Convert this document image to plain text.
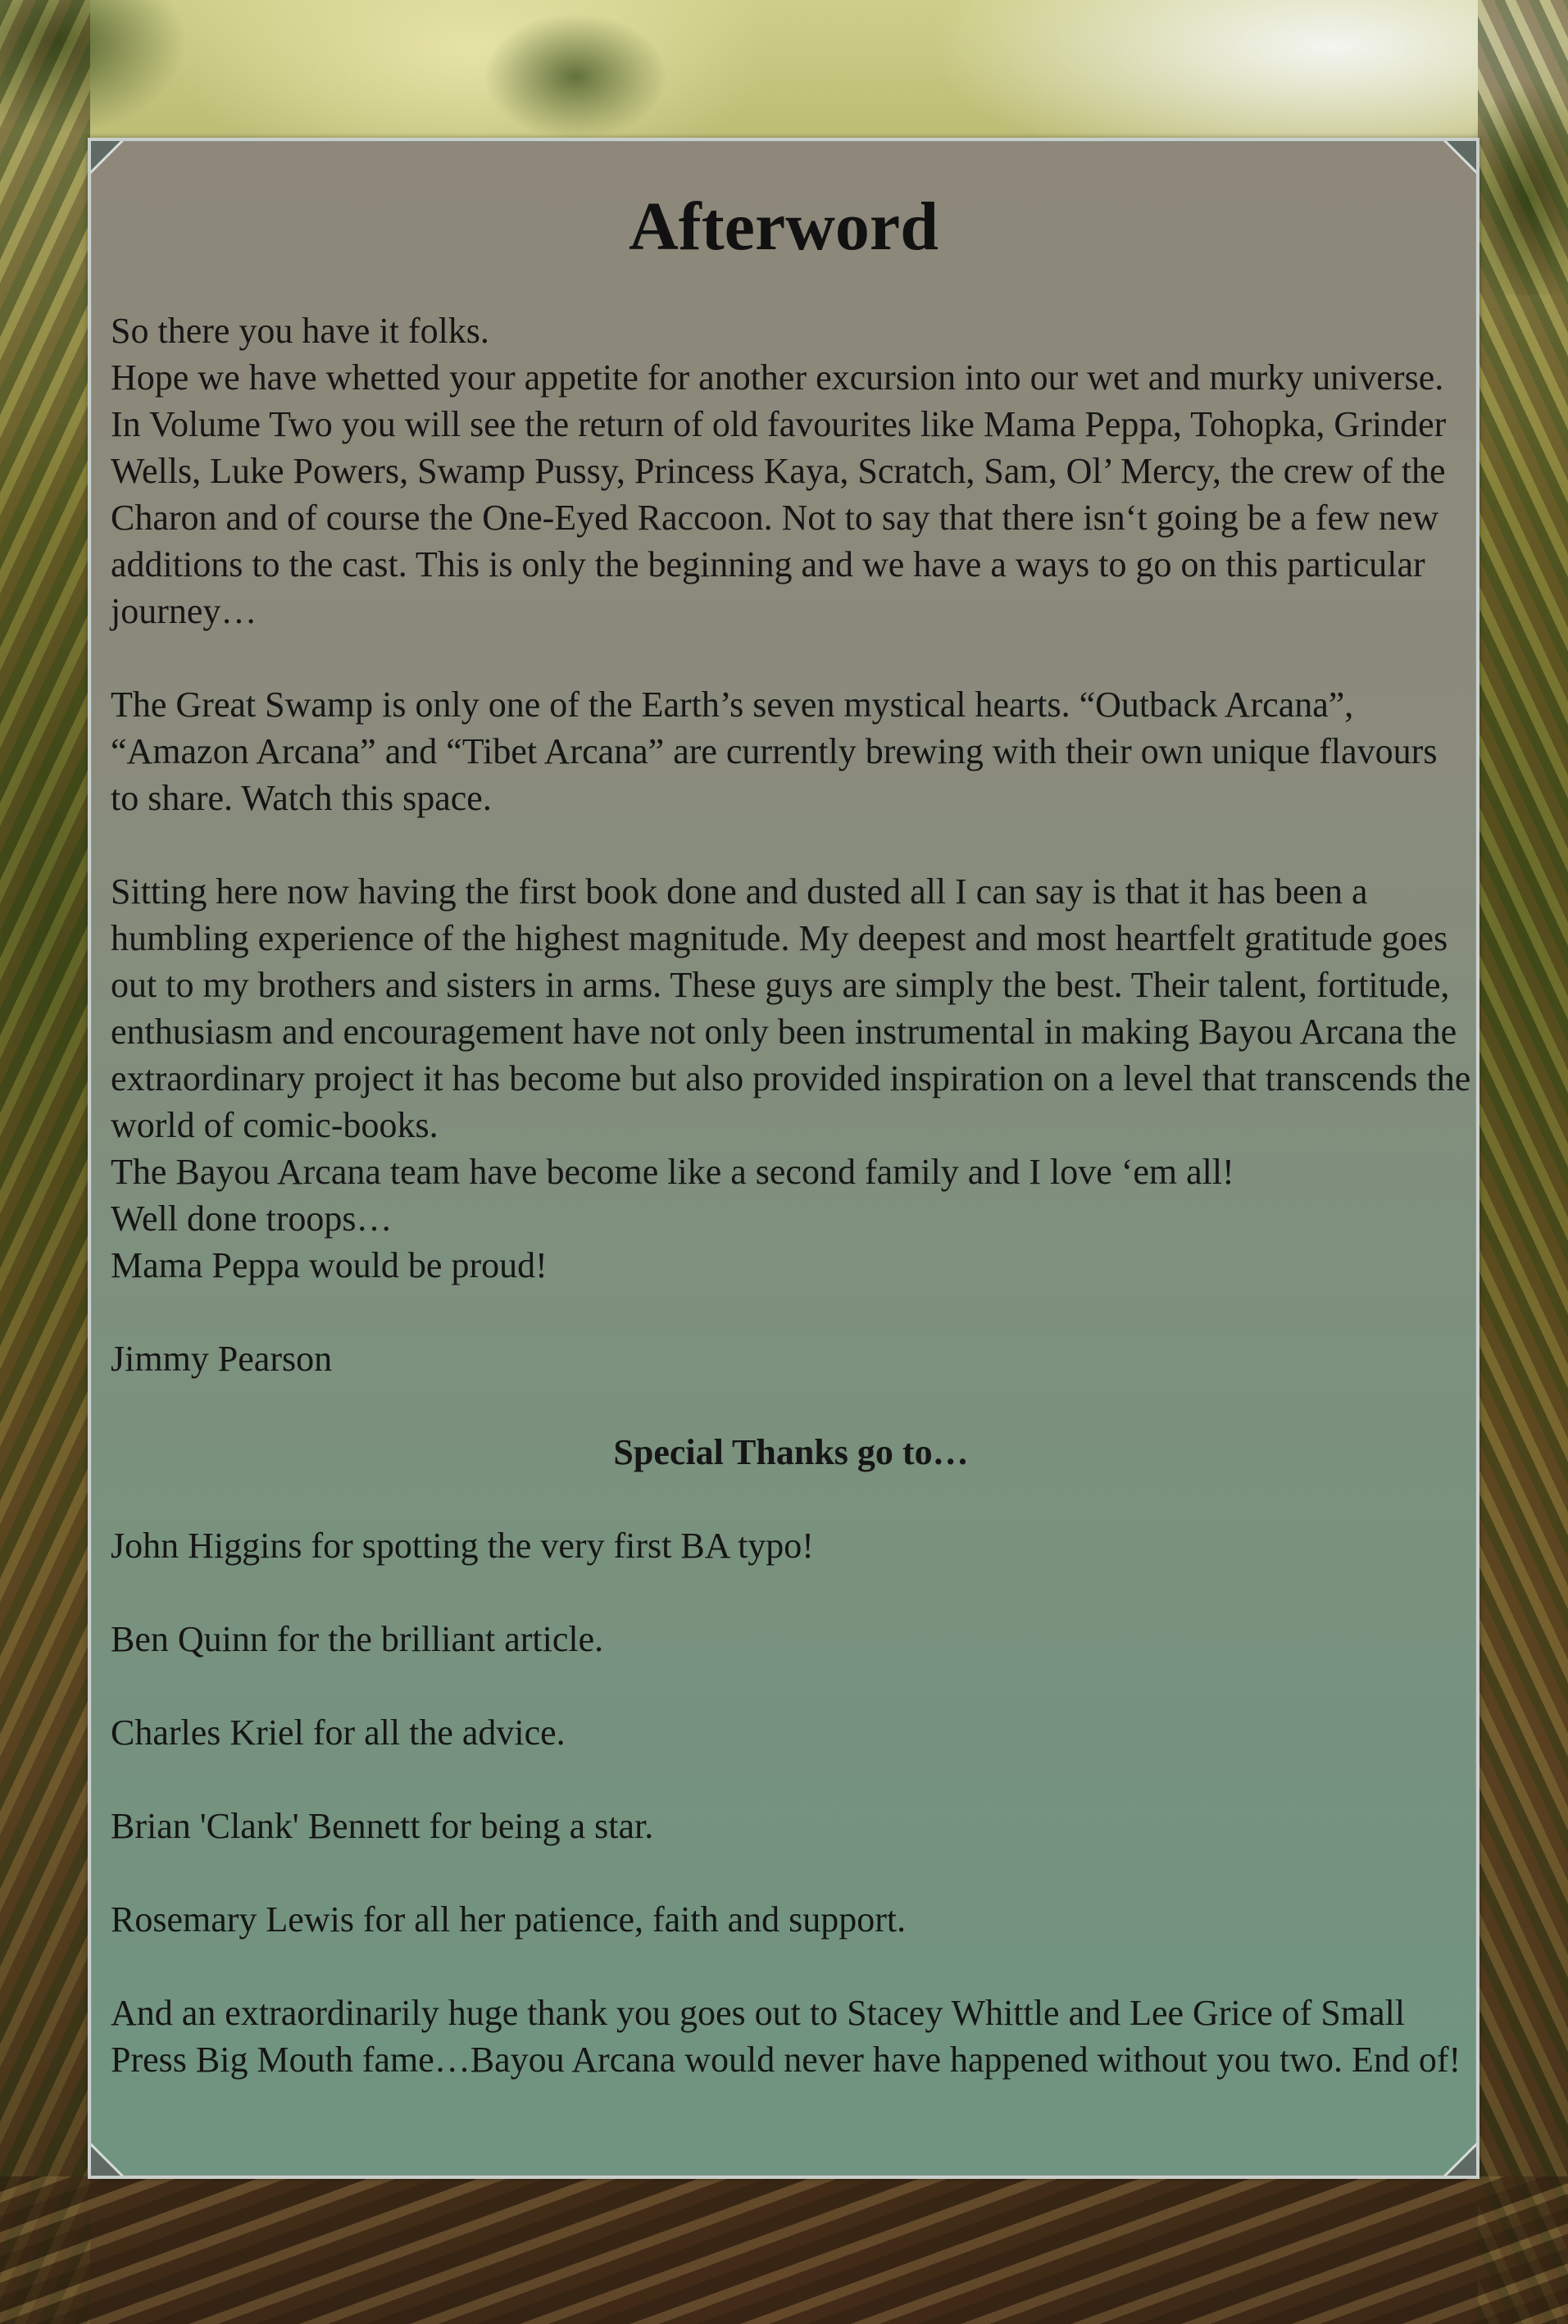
Afterword

So there you have it folks.
Hope we have whetted your appetite for another excursion into our wet and murky universe. In Volume Two you will see the return of old favourites like Mama Peppa, Tohopka, Grinder Wells, Luke Powers, Swamp Pussy, Princess Kaya, Scratch, Sam, Ol’ Mercy, the crew of the Charon and of course the One-Eyed Raccoon. Not to say that there isn‘t going be a few new additions to the cast. This is only the beginning and we have a ways to go on this particular journey…

The Great Swamp is only one of the Earth’s seven mystical hearts. “Outback Arcana”, “Amazon Arcana” and “Tibet Arcana” are currently brewing with their own unique flavours to share. Watch this space.

Sitting here now having the first book done and dusted all I can say is that it has been a humbling experience of the highest magnitude. My deepest and most heartfelt gratitude goes out to my brothers and sisters in arms. These guys are simply the best. Their talent, fortitude, enthusiasm and encouragement have not only been instrumental in making Bayou Arcana the extraordinary project it has become but also provided inspiration on a level that transcends the world of comic-books.
The Bayou Arcana team have become like a second family and I love ‘em all!
Well done troops…
Mama Peppa would be proud!

Jimmy Pearson

Special Thanks go to…

John Higgins for spotting the very first BA typo!

Ben Quinn for the brilliant article.

Charles Kriel for all the advice.

Brian 'Clank' Bennett for being a star.

Rosemary Lewis for all her patience, faith and support.

And an extraordinarily huge thank you goes out to Stacey Whittle and Lee Grice of Small Press Big Mouth fame…Bayou Arcana would never have happened without you two. End of!
